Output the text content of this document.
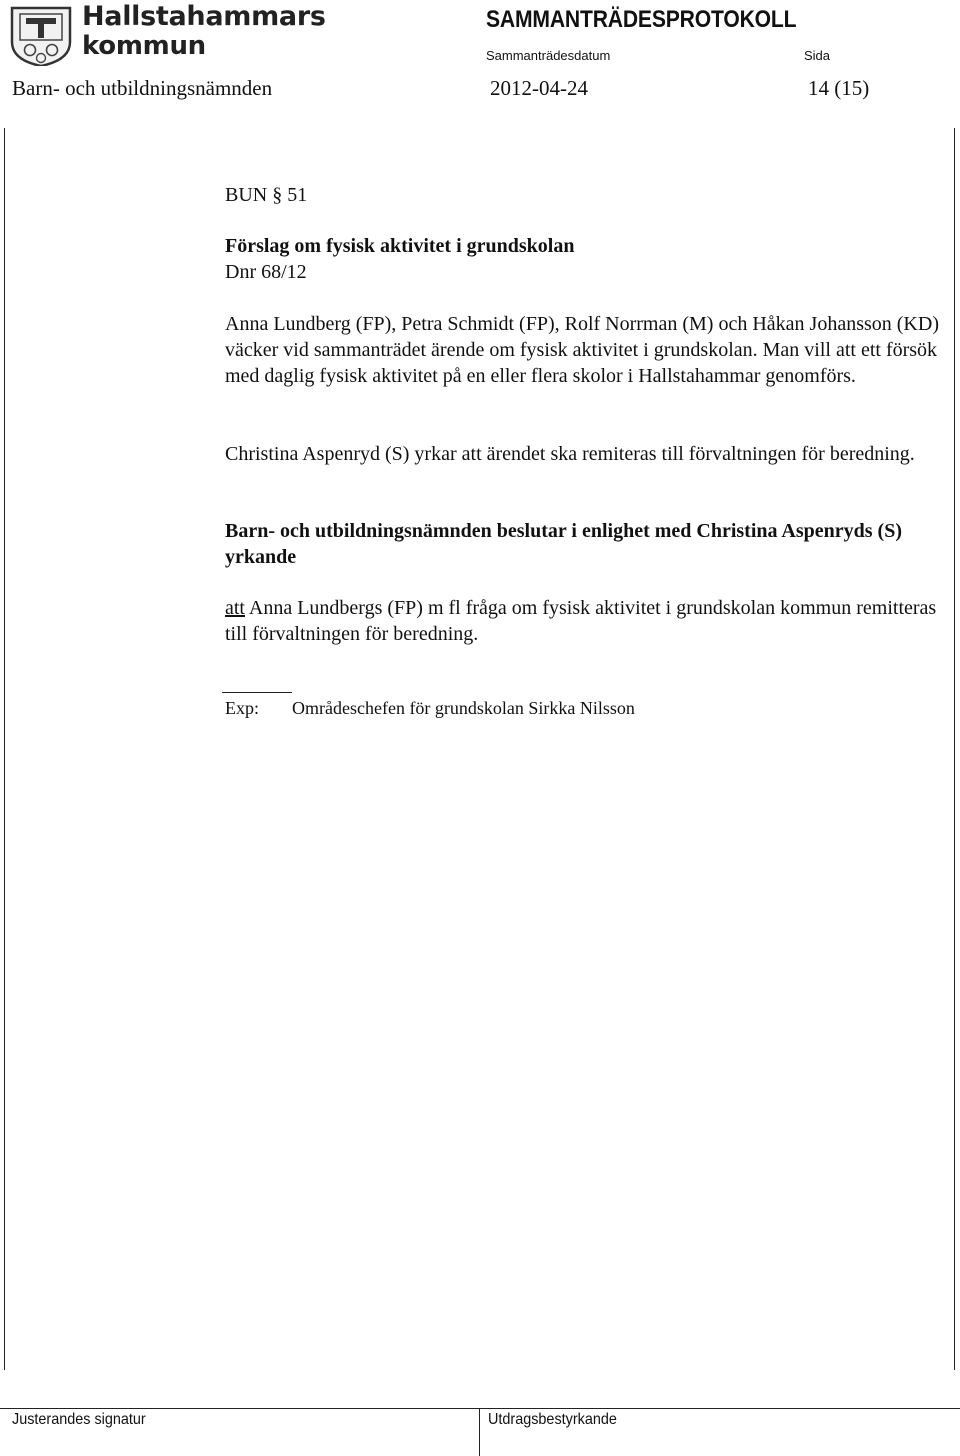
Hallstahammars
kommun
SAMMANTRÄDESPROTOKOLL
Sammanträdesdatum	Sida
Barn- och utbildningsnämnden	2012-04-24	14 (15)
BUN § 51
Förslag om fysisk aktivitet i grundskolan
Dnr 68/12
Anna Lundberg (FP), Petra Schmidt (FP), Rolf Norrman (M) och Håkan Johansson (KD) väcker vid sammanträdet ärende om fysisk aktivitet i grundskolan. Man vill att ett försök med daglig fysisk aktivitet på en eller flera skolor i Hallstahammar genomförs.
Christina Aspenryd (S) yrkar att ärendet ska remiteras till förvaltningen för beredning.
Barn- och utbildningsnämnden beslutar i enlighet med Christina Aspenryds (S) yrkande
att Anna Lundbergs (FP) m fl fråga om fysisk aktivitet i grundskolan kommun remitteras till förvaltningen för beredning.
Exp: Områdeschefen för grundskolan Sirkka Nilsson
Justerandes signatur	Utdragsbestyrkande
